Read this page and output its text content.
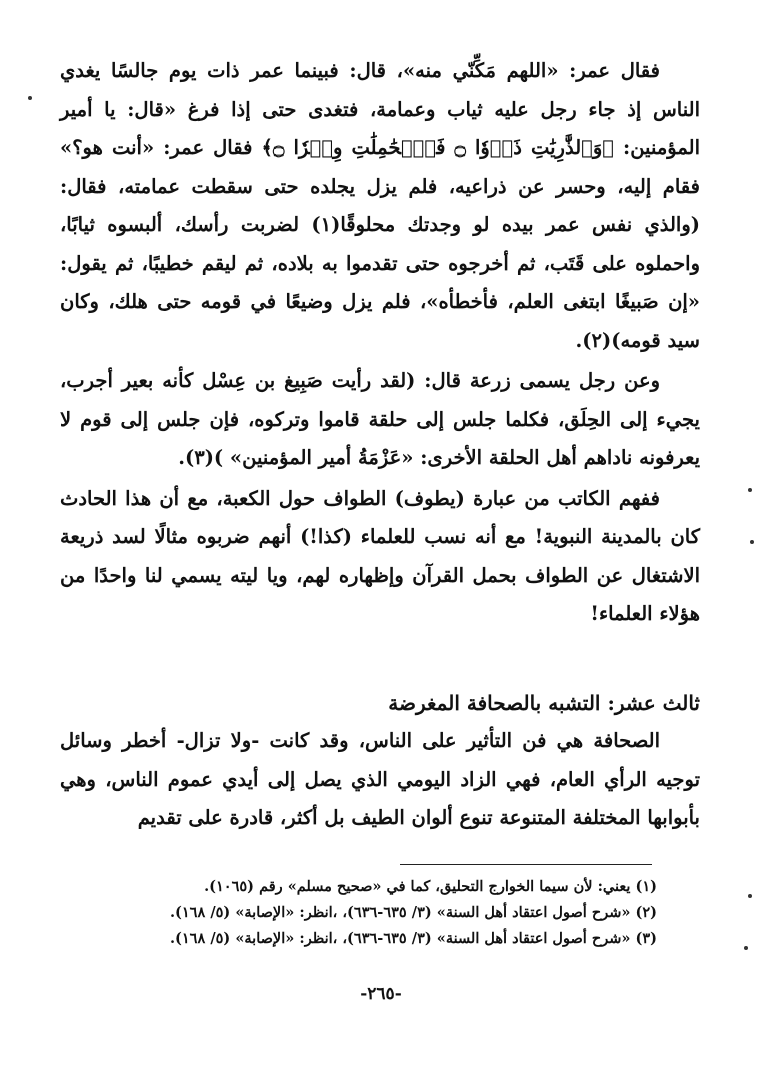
فقال عمر: «اللهم مَكِّنّي منه»، قال: فبينما عمر ذات يوم جالسًا يغدي الناس إذ جاء رجل عليه ثياب وعمامة، فتغدى حتى إذا فرغ «قال: يا أمير المؤمنين: ﴿وَٱلذَّٰرِيَٰتِ ذَرۡوٗا ۝ فَٱلۡحَٰمِلَٰتِ وِقۡرٗا ۝﴾ فقال عمر: «أنت هو؟» فقام إليه، وحسر عن ذراعيه، فلم يزل يجلده حتى سقطت عمامته، فقال: (والذي نفس عمر بيده لو وجدتك محلوقًا(١) لضربت رأسك، ألبسوه ثيابًا، واحملوه على قَتَب، ثم أخرجوه حتى تقدموا به بلاده، ثم ليقم خطيبًا، ثم يقول: «إن صَبيغًا ابتغى العلم، فأخطأه»، فلم يزل وضيعًا في قومه حتى هلك، وكان سيد قومه)(٢).

وعن رجل يسمى زرعة قال: (لقد رأيت صَبِيغ بن عِسْل كأنه بعير أجرب، يجيء إلى الحِلَق، فكلما جلس إلى حلقة قاموا وتركوه، فإن جلس إلى قوم لا يعرفونه ناداهم أهل الحلقة الأخرى: «عَزْمَةُ أمير المؤمنين» )(٣).

ففهم الكاتب من عبارة (يطوف) الطواف حول الكعبة، مع أن هذا الحادث كان بالمدينة النبوية! مع أنه نسب للعلماء (كذا!) أنهم ضربوه مثالًا لسد ذريعة الاشتغال عن الطواف بحمل القرآن وإظهاره لهم، ويا ليته يسمي لنا واحدًا من هؤلاء العلماء!

ثالث عشر: التشبه بالصحافة المغرضة

الصحافة هي فن التأثير على الناس، وقد كانت -ولا تزال- أخطر وسائل توجيه الرأي العام، فهي الزاد اليومي الذي يصل إلى أيدي عموم الناس، وهي بأبوابها المختلفة المتنوعة تنوع ألوان الطيف بل أكثر، قادرة على تقديم

(١) يعني: لأن سيما الخوارج التحليق، كما في «صحيح مسلم» رقم (١٠٦٥).
(٢) «شرح أصول اعتقاد أهل السنة» (٣/ ٦٣٥-٦٣٦)، ،انظر: «الإصابة» (٥/ ١٦٨).
(٣) «شرح أصول اعتقاد أهل السنة» (٣/ ٦٣٥-٦٣٦)، ،انظر: «الإصابة» (٥/ ١٦٨).
-٢٦٥-
